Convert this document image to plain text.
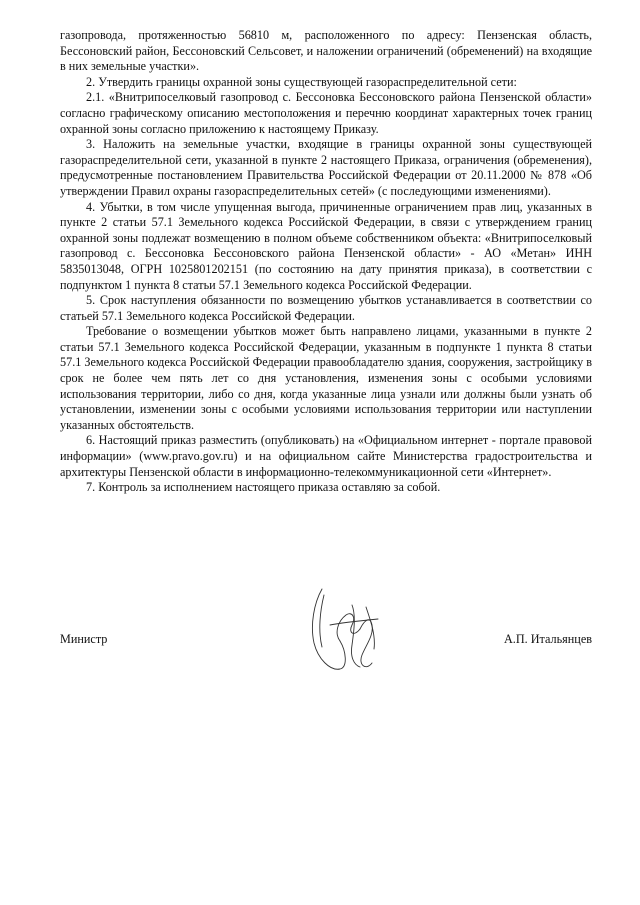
газопровода, протяженностью 56810 м, расположенного по адресу: Пензенская область, Бессоновский район, Бессоновский Сельсовет, и наложении ограничений (обременений) на входящие в них земельные участки».

2. Утвердить границы охранной зоны существующей газораспределительной сети:

2.1. «Внитрипоселковый газопровод с. Бессоновка Бессоновского района Пензенской области» согласно графическому описанию местоположения и перечню координат характерных точек границ охранной зоны согласно приложению к настоящему Приказу.

3. Наложить на земельные участки, входящие в границы охранной зоны существующей газораспределительной сети, указанной в пункте 2 настоящего Приказа, ограничения (обременения), предусмотренные постановлением Правительства Российской Федерации от 20.11.2000 № 878 «Об утверждении Правил охраны газораспределительных сетей» (с последующими изменениями).

4. Убытки, в том числе упущенная выгода, причиненные ограничением прав лиц, указанных в пункте 2 статьи 57.1 Земельного кодекса Российской Федерации, в связи с утверждением границ охранной зоны подлежат возмещению в полном объеме собственником объекта: «Внитрипоселковый газопровод с. Бессоновка Бессоновского района Пензенской области» - АО «Метан» ИНН 5835013048, ОГРН 1025801202151 (по состоянию на дату принятия приказа), в соответствии с подпунктом 1 пункта 8 статьи 57.1 Земельного кодекса Российской Федерации.

5. Срок наступления обязанности по возмещению убытков устанавливается в соответствии со статьей 57.1 Земельного кодекса Российской Федерации.

Требование о возмещении убытков может быть направлено лицами, указанными в пункте 2 статьи 57.1 Земельного кодекса Российской Федерации, указанным в подпункте 1 пункта 8 статьи 57.1 Земельного кодекса Российской Федерации правообладателю здания, сооружения, застройщику в срок не более чем пять лет со дня установления, изменения зоны с особыми условиями использования территории, либо со дня, когда указанные лица узнали или должны были узнать об установлении, изменении зоны с особыми условиями использования территории или наступлении указанных обстоятельств.

6. Настоящий приказ разместить (опубликовать) на «Официальном интернет - портале правовой информации» (www.pravo.gov.ru) и на официальном сайте Министерства градостроительства и архитектуры Пензенской области в информационно-телекоммуникационной сети «Интернет».

7. Контроль за исполнением настоящего приказа оставляю за собой.

Министр	А.П. Итальянцев
